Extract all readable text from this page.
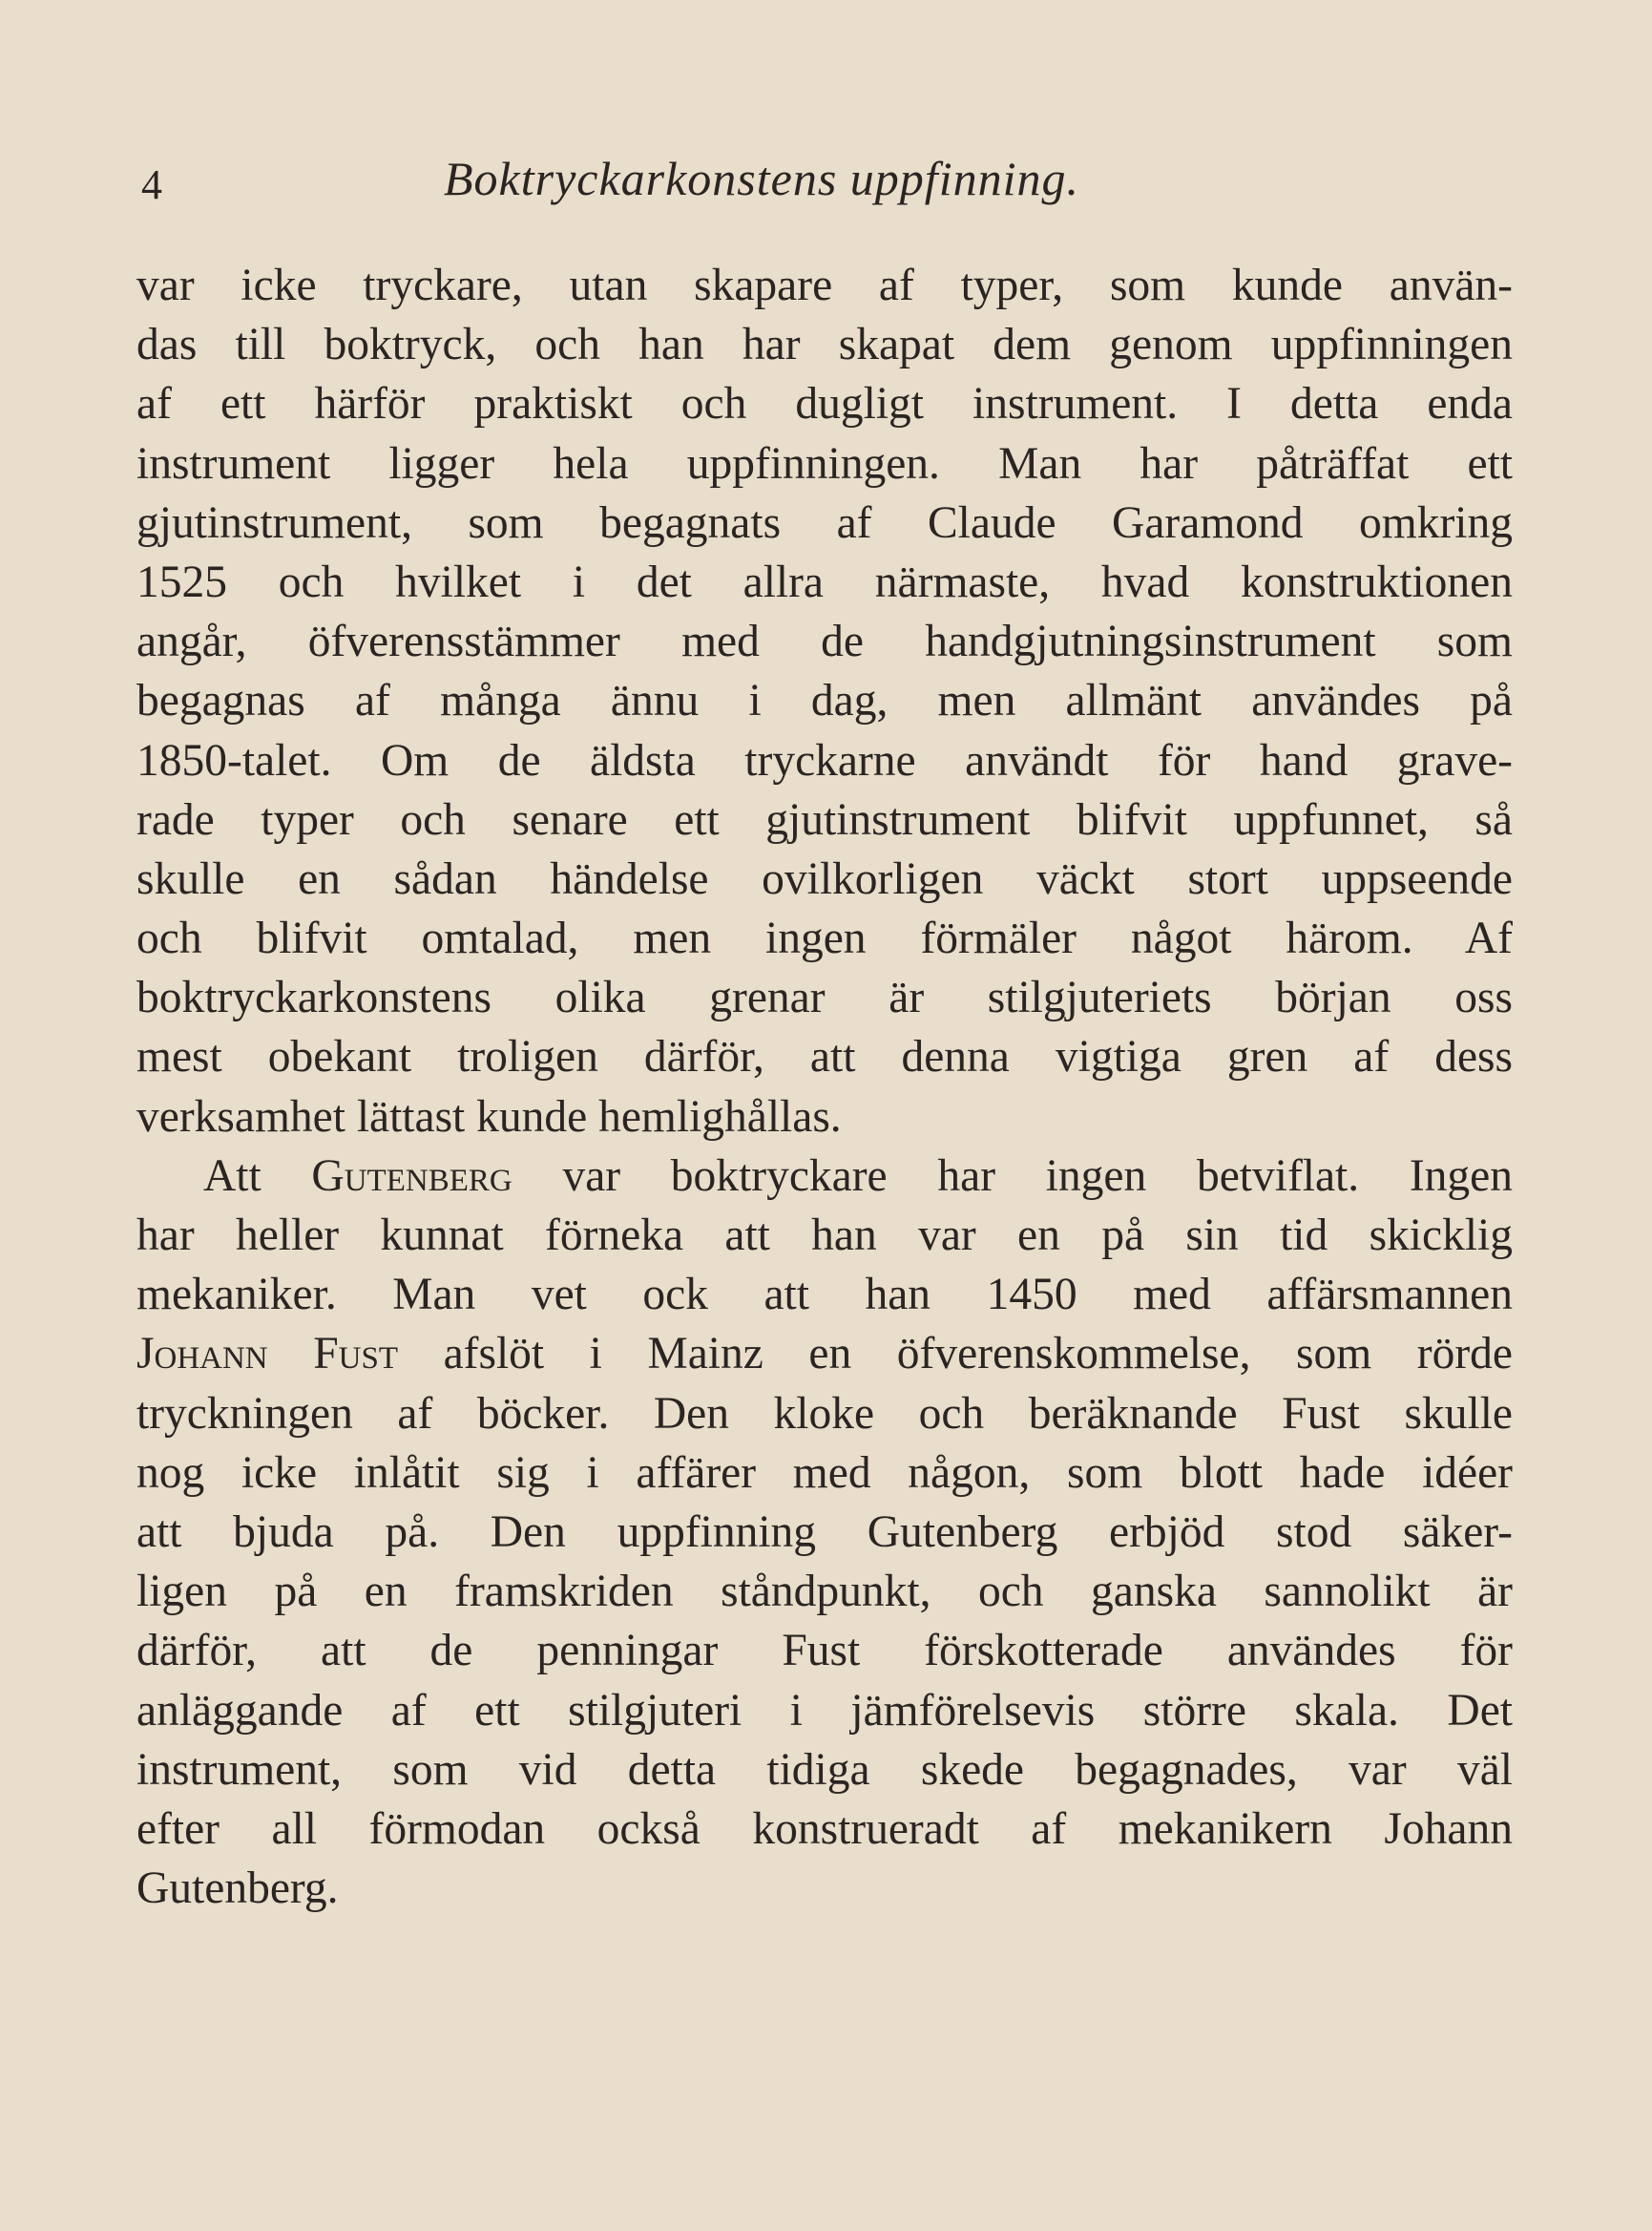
4	Boktryckarkonstens uppfinning.
var icke tryckare, utan skapare af typer, som kunde använ-
das till boktryck, och han har skapat dem genom uppfinningen
af ett härför praktiskt och dugligt instrument. I detta enda
instrument ligger hela uppfinningen. Man har påträffat ett
gjutinstrument, som begagnats af Claude Garamond omkring
1525 och hvilket i det allra närmaste, hvad konstruktionen
angår, öfverensstämmer med de handgjutningsinstrument som
begagnas af många ännu i dag, men allmänt användes på
1850-talet. Om de äldsta tryckarne användt för hand grave-
rade typer och senare ett gjutinstrument blifvit uppfunnet, så
skulle en sådan händelse ovilkorligen väckt stort uppseende
och blifvit omtalad, men ingen förmäler något härom. Af
boktryckarkonstens olika grenar är stilgjuteriets början oss
mest obekant troligen därför, att denna vigtiga gren af dess
verksamhet lättast kunde hemlighållas.
Att Gutenberg var boktryckare har ingen betviflat. Ingen
har heller kunnat förneka att han var en på sin tid skicklig
mekaniker. Man vet ock att han 1450 med affärsmannen
Johann Fust afslöt i Mainz en öfverenskommelse, som rörde
tryckningen af böcker. Den kloke och beräknande Fust skulle
nog icke inlåtit sig i affärer med någon, som blott hade idéer
att bjuda på. Den uppfinning Gutenberg erbjöd stod säker-
ligen på en framskriden ståndpunkt, och ganska sannolikt är
därför, att de penningar Fust förskotterade användes för
anläggande af ett stilgjuteri i jämförelsevis större skala. Det
instrument, som vid detta tidiga skede begagnades, var väl
efter all förmodan också konstrueradt af mekanikern Johann
Gutenberg.
